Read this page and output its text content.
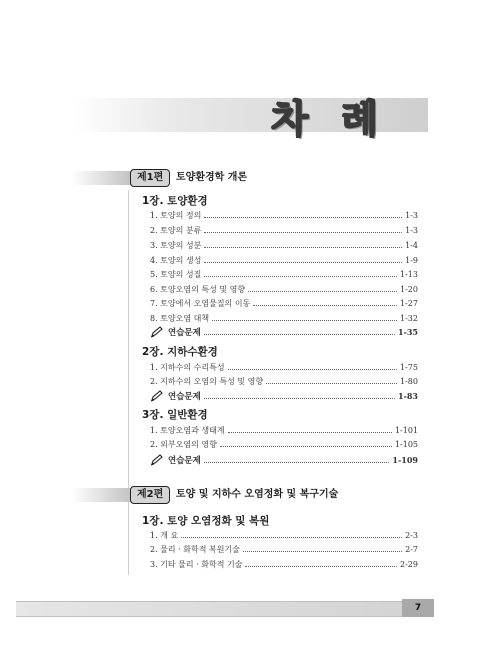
차 례
제1편	토양환경학 개론
1장. 토양환경
1. 토양의 정의	1-3
2. 토양의 분류	1-3
3. 토양의 성분	1-4
4. 토양의 생성	1-9
5. 토양의 성질	1-13
6. 토양오염의 특성 및 영향	1-20
7. 토양에서 오염물질의 이동	1-27
8. 토양오염 대책	1-32
연습문제	1-35
2장. 지하수환경
1. 지하수의 수리특성	1-75
2. 지하수의 오염의 특성 및 영향	1-80
연습문제	1-83
3장. 일반환경
1. 토양오염과 생태계	1-101
2. 외부오염의 영향	1-105
연습문제	1-109
제2편	토양 및 지하수 오염정화 및 복구기술
1장. 토양 오염정화 및 복원
1. 개 요	2-3
2. 물리 · 화학적 복원기술	2-7
3. 기타 물리 · 화학적 기술	2-29
7
